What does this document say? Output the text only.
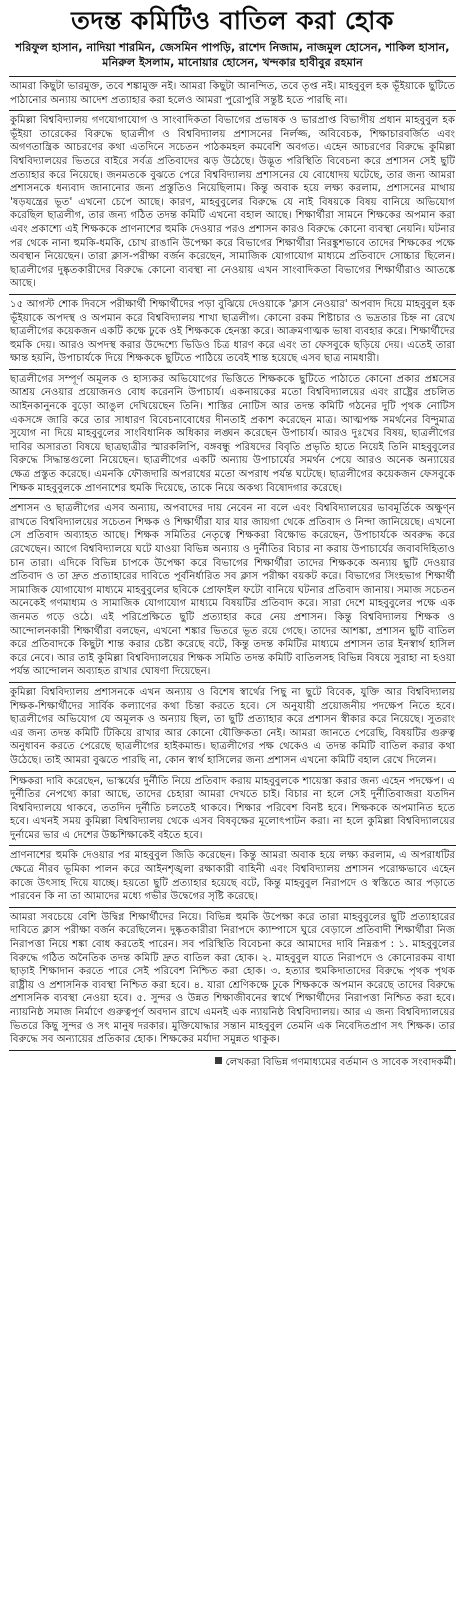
তদন্ত কমিটিও বাতিল করা হোক
শরিফুল হাসান, নাদিয়া শারমিন, জেসমিন পাপড়ি, রাশেদ নিজাম, নাজমুল হোসেন, শাকিল হাসান, মনিরুল ইসলাম, মানোয়ার হোসেন, খন্দকার হাবীবুর রহমান

আমরা কিছুটা ভারমুক্ত, তবে শঙ্কামুক্ত নই। আমরা কিছুটা আনন্দিত, তবে তৃপ্ত নই। মাহবুবুল হক ভূঁইয়াকে ছুটিতে পাঠানোর অন্যায় আদেশ প্রত্যাহার করা হলেও আমরা পুরোপুরি সন্তুষ্ট হতে পারছি না।

কুমিল্লা বিশ্ববিদ্যালয় গণযোগাযোগ ও সাংবাদিকতা বিভাগের প্রভাষক ও ভারপ্রাপ্ত বিভাগীয় প্রধান মাহবুবুল হক ভূঁইয়া তারেকের বিরুদ্ধে ছাত্রলীগ ও বিশ্ববিদ্যালয় প্রশাসনের নির্লজ্জ, অবিবেচক, শিক্ষাচারবর্জিত এবং অগণতান্ত্রিক আচরণের কথা এতদিনে সচেতন পাঠকমহল কমবেশি অবগত। এহেন আচরণের বিরুদ্ধে কুমিল্লা বিশ্ববিদ্যালয়ের ভিতরে বাইরে সর্বত্র প্রতিবাদের ঝড় উঠেছে। উদ্ভূত পরিস্থিতি বিবেচনা করে প্রশাসন সেই ছুটি প্রত্যাহার করে নিয়েছে। জনমতকে বুঝতে পেরে বিশ্ববিদ্যালয় প্রশাসনের যে বোধোদয় ঘটেছে, তার জন্য আমরা প্রশাসনকে ধন্যবাদ জানানোর জন্য প্রস্তুতিও নিয়েছিলাম। কিন্তু অবাক হয়ে লক্ষ্য করলাম, প্রশাসনের মাথায় 'ষড়যন্ত্রের ভূত' এখনো চেপে আছে। কারণ, মাহবুবুলের বিরুদ্ধে যে নাই বিষয়কে বিষয় বানিয়ে অভিযোগ করেছিল ছাত্রলীগ, তার জন্য গঠিত তদন্ত কমিটি এখনো বহাল আছে। শিক্ষার্থীরা সামনে শিক্ষকের অপমান করা এবং প্রকাশ্যে এই শিক্ষককে প্রাণনাশের হুমকি দেওয়ার পরও প্রশাসন কারও বিরুদ্ধে কোনো ব্যবস্থা নেয়নি। ঘটনার পর থেকে নানা হুমকি-ধমকি, চোখ রাঙানি উপেক্ষা করে বিভাগের শিক্ষার্থীরা নিরঙ্কুশভাবে তাদের শিক্ষকের পক্ষে অবস্থান নিয়েছেন। তারা ক্লাস-পরীক্ষা বর্জন করেছেন, সামাজিক যোগাযোগ মাধ্যমে প্রতিবাদে সোচ্চার ছিলেন। ছাত্রলীগের দুষ্কৃতকারীদের বিরুদ্ধে কোনো ব্যবস্থা না নেওয়ায় এখন সাংবাদিকতা বিভাগের শিক্ষার্থীরাও আতঙ্কে আছে।

১৫ আগস্ট শোক দিবসে পরীক্ষার্থী শিক্ষার্থীদের পড়া বুঝিয়ে দেওয়াকে 'ক্লাস নেওয়ার' অপবাদ দিয়ে মাহবুবুল হক ভূঁইয়াকে অপদস্থ ও অপমান করে বিশ্ববিদ্যালয় শাখা ছাত্রলীগ। কোনো রকম শিষ্টাচার ও ভদ্রতার চিহ্ন না রেখে ছাত্রলীগের কয়েকজন একটি কক্ষে ঢুকে ওই শিক্ষককে হেনস্তা করে। আক্রমণাত্মক ভাষা ব্যবহার করে। শিক্ষার্থীদের হুমকি দেয়। আরও অপদস্থ করার উদ্দেশ্যে ভিডিও চিত্র ধারণ করে এবং তা ফেসবুকে ছড়িয়ে দেয়। এতেই তারা ক্ষান্ত হয়নি, উপাচার্যকে দিয়ে শিক্ষককে ছুটিতে পাঠিয়ে তবেই শান্ত হয়েছে এসব ছাত্র নামধারী।

ছাত্রলীগের সম্পূর্ণ অমূলক ও হাস্যকর অভিযোগের ভিত্তিতে শিক্ষককে ছুটিতে পাঠাতে কোনো প্রকার প্রশ্নসের আশ্রয় নেওয়ার প্রয়োজনও বোধ করেননি উপাচার্য। একনায়কের মতো বিশ্ববিদ্যালয়ের এবং রাষ্ট্রের প্রচলিত আইনকানুনকে বুড়ো আঙুল দেখিয়েছেন তিনি। শাস্তির নোটিস আর তদন্ত কমিটি গঠনের দুটি পৃথক নোটিস একসঙ্গে জারি করে তার সাধারণ বিবেচনাবোধের দীনতাই প্রকাশ করেছেন মাত্র। আত্মপক্ষ সমর্থনের বিন্দুমাত্র সুযোগ না দিয়ে মাহবুবুলের সাংবিধানিক অধিকার লঙ্ঘন করেছেন উপাচার্য। আরও দুঃখের বিষয়, ছাত্রলীগের দাবির অসারতা বিষয়ে ছাত্রছাত্রীর স্মারকলিপি, বঙ্গবন্ধু পরিষদের বিবৃতি প্রভৃতি হাতে নিয়েই তিনি মাহবুবুলের বিরুদ্ধে সিদ্ধান্তগুলো নিয়েছেন। ছাত্রলীগের একটি অন্যায় উপাচার্যের সমর্থন পেয়ে আরও অনেক অন্যায়ের ক্ষেত্র প্রস্তুত করেছে। এমনকি ফৌজদারি অপরাধের মতো অপরাধ পর্যন্ত ঘটেছে। ছাত্রলীগের কয়েকজন ফেসবুকে শিক্ষক মাহবুবুলকে প্রাণনাশের হুমকি দিয়েছে, তাকে নিয়ে অকথ্য বিষোদগার করেছে।

প্রশাসন ও ছাত্রলীগের এসব অন্যায়, অপবাদের দায় নেবেন না বলে এবং বিশ্ববিদ্যালয়ের ভাবমূর্তিকে অক্ষুণ্ন রাখতে বিশ্ববিদ্যালয়ের সচেতন শিক্ষক ও শিক্ষার্থীরা যার যার জায়গা থেকে প্রতিবাদ ও নিন্দা জানিয়েছে। এখনো সে প্রতিবাদ অব্যাহত আছে। শিক্ষক সমিতির নেতৃত্বে শিক্ষকরা বিক্ষোভ করেছেন, উপাচার্যকে অবরুদ্ধ করে রেখেছেন। আগে বিশ্ববিদ্যালয়ে ঘটে যাওয়া বিভিন্ন অন্যায় ও দুর্নীতির বিচার না করায় উপাচার্যের জবাবদিহিতাও চান তারা। এদিকে বিভিন্ন চাপকে উপেক্ষা করে বিভাগের শিক্ষার্থীরা তাদের শিক্ষককে অন্যায় ছুটি দেওয়ার প্রতিবাদ ও তা দ্রুত প্রত্যাহারের দাবিতে পূর্বনির্ধারিত সব ক্লাস পরীক্ষা বয়কট করে। বিভাগের সিংহভাগ শিক্ষার্থী সামাজিক যোগাযোগ মাধ্যমে মাহবুবুলের ছবিকে প্রোফাইল ফটো বানিয়ে ঘটনার প্রতিবাদ জানায়। সমাজ সচেতন অনেকেই গণমাধ্যম ও সামাজিক যোগাযোগ মাধ্যমে বিষয়টির প্রতিবাদ করে। সারা দেশে মাহবুবুলের পক্ষে এক জনমত গড়ে ওঠে। এই পরিপ্রেক্ষিতে ছুটি প্রত্যাহার করে নেয় প্রশাসন। কিন্তু বিশ্ববিদ্যালয় শিক্ষক ও আন্দোলনকারী শিক্ষার্থীরা বলছেন, এখনো শঙ্কার ভিতরে ভূত রয়ে গেছে। তাদের আশঙ্কা, প্রশাসন ছুটি বাতিল করে প্রতিবাদকে কিছুটা শান্ত করার চেষ্টা করেছে বটে, কিন্তু তদন্ত কমিটির মাধ্যমে প্রশাসন তার ইনস্বার্থ হাসিল করে নেবে। আর তাই কুমিল্লা বিশ্ববিদ্যালয়ের শিক্ষক সমিতি তদন্ত কমিটি বাতিলসহ বিভিন্ন বিষয়ে সুরাহা না হওয়া পর্যন্ত আন্দোলন অব্যাহত রাখার ঘোষণা দিয়েছেন।

কুমিল্লা বিশ্ববিদ্যালয় প্রশাসনকে এখন অন্যায় ও বিশেষ স্বার্থের পিছু না ছুটে বিবেক, যুক্তি আর বিশ্ববিদ্যালয় শিক্ষক-শিক্ষার্থীদের সার্বিক কল্যাণের কথা চিন্তা করতে হবে। সে অনুযায়ী প্রয়োজনীয় পদক্ষেপ নিতে হবে। ছাত্রলীগের অভিযোগ যে অমূলক ও অন্যায় ছিল, তা ছুটি প্রত্যাহার করে প্রশাসন স্বীকার করে নিয়েছে। সুতরাং এর জন্য তদন্ত কমিটি টিকিয়ে রাখার আর কোনো যৌক্তিকতা নেই। আমরা জানতে পেরেছি, বিষয়টির গুরুত্ব অনুধাবন করতে পেরেছে ছাত্রলীগের হাইকমান্ড। ছাত্রলীগের পক্ষ থেকেও এ তদন্ত কমিটি বাতিল করার কথা উঠেছে। তাই আমরা বুঝতে পারছি না, কোন স্বার্থ হাসিলের জন্য প্রশাসন এখনো কমিটি বহাল রেখে দিলেন।

শিক্ষকরা দাবি করেছেন, ভাস্কর্যের দুর্নীতি নিয়ে প্রতিবাদ করায় মাহবুবুলকে শায়েস্তা করার জন্য এহেন পদক্ষেপ। এ দুর্নীতির নেপথ্যে কারা আছে, তাদের চেহারা আমরা দেখতে চাই। বিচার না হলে সেই দুর্নীতিবাজরা যতদিন বিশ্ববিদ্যালয়ে থাকবে, ততদিন দুর্নীতি চলতেই থাকবে। শিক্ষার পরিবেশ বিনষ্ট হবে। শিক্ষককে অপমানিত হতে হবে। এখনই সময় কুমিল্লা বিশ্ববিদ্যালয় থেকে এসব বিষবৃক্ষের মূলোৎপাটন করা। না হলে কুমিল্লা বিশ্ববিদ্যালয়ের দুর্নামের ভার এ দেশের উচ্চশিক্ষাকেই বইতে হবে।

প্রাণনাশের হুমকি দেওয়ার পর মাহবুবুল জিডি করেছেন। কিন্তু আমরা অবাক হয়ে লক্ষ্য করলাম, এ অপরাধটির ক্ষেত্রে নীরব ভূমিকা পালন করে আইনশৃঙ্খলা রক্ষাকারী বাহিনী এবং বিশ্ববিদ্যালয় প্রশাসন পরোক্ষভাবে এহেন কাজে উৎসাহ দিয়ে যাচ্ছে। হয়তো ছুটি প্রত্যাহার হয়েছে বটে, কিন্তু মাহবুবুল নিরাপদে ও স্বস্তিতে আর পড়াতে পারবেন কি না তা আমাদের মধ্যে গভীর উদ্বেগের সৃষ্টি করেছে।

আমরা সবচেয়ে বেশি উদ্বিগ্ন শিক্ষার্থীদের নিয়ে। বিভিন্ন হুমকি উপেক্ষা করে তারা মাহবুবুলের ছুটি প্রত্যাহারের দাবিতে ক্লাস পরীক্ষা বর্জন করেছিলেন। দুষ্কৃতকারীরা নিরাপদে ক্যাম্পাসে ঘুরে বেড়ালে প্রতিবাদী শিক্ষার্থীরা নিজ নিরাপত্তা নিয়ে শঙ্কা বোধ করতেই পারেন। সব পরিস্থিতি বিবেচনা করে আমাদের দাবি নিম্নরূপ : ১. মাহবুবুলের বিরুদ্ধে গঠিত অনৈতিক তদন্ত কমিটি দ্রুত বাতিল করা হোক। ২. মাহবুবুল যাতে নিরাপদে ও কোনোরকম বাধা ছাড়াই শিক্ষাদান করতে পারে সেই পরিবেশ নিশ্চিত করা হোক। ৩. হত্যার হুমকিদাতাদের বিরুদ্ধে পৃথক পৃথক রাষ্ট্রীয় ও প্রশাসনিক ব্যবস্থা নিশ্চিত করা হবে। ৪. যারা শ্রেণিকক্ষে ঢুকে শিক্ষককে অপমান করেছে তাদের বিরুদ্ধে প্রশাসনিক ব্যবস্থা নেওয়া হবে। ৫. সুন্দর ও উন্নত শিক্ষাজীবনের স্বার্থে শিক্ষার্থীদের নিরাপত্তা নিশ্চিত করা হবে। ন্যায়নিষ্ঠ সমাজ নির্মাণে গুরুত্বপূর্ণ অবদান রাখে এমনই এক ন্যায়নিষ্ঠ বিশ্ববিদ্যালয়। আর এ জন্য বিশ্ববিদ্যালয়ের ভিতরে কিছু সুন্দর ও সৎ মানুষ দরকার। মুক্তিযোদ্ধার সন্তান মাহবুবুল তেমনি এক নিবেদিতপ্রাণ সৎ শিক্ষক। তার বিরুদ্ধে সব অন্যায়ের প্রতিকার হোক। শিক্ষকের মর্যাদা সমুন্নত থাকুক।

লেখকরা বিভিন্ন গণমাধ্যমের বর্তমান ও সাবেক সংবাদকর্মী।
